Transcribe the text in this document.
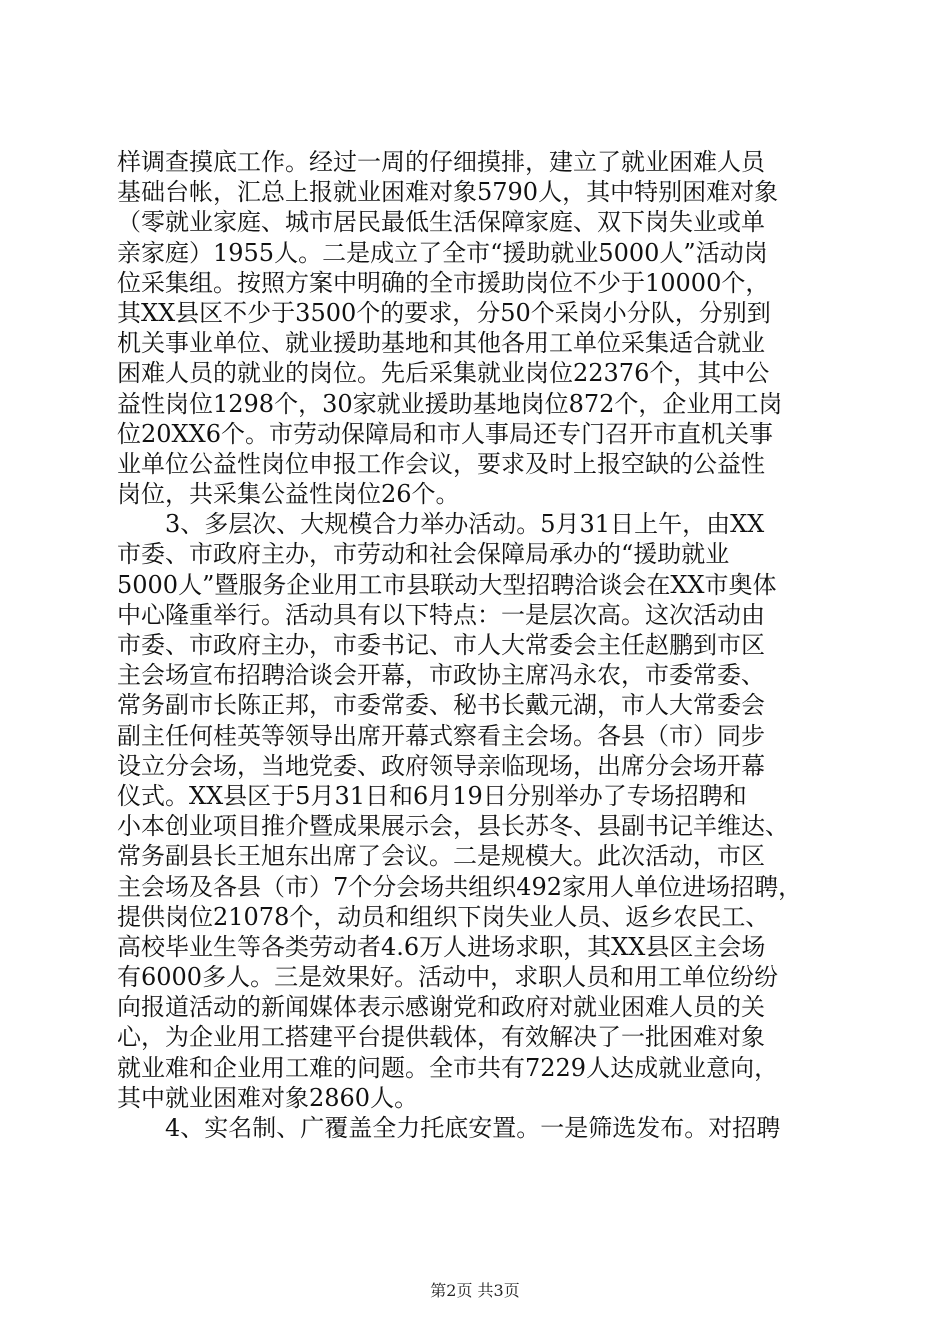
样调查摸底工作。经过一周的仔细摸排，建立了就业困难人员
基础台帐，汇总上报就业困难对象5790人，其中特别困难对象
（零就业家庭、城市居民最低生活保障家庭、双下岗失业或单
亲家庭）1955人。二是成立了全市“援助就业5000人”活动岗
位采集组。按照方案中明确的全市援助岗位不少于10000个，
其XX县区不少于3500个的要求，分50个采岗小分队，分别到
机关事业单位、就业援助基地和其他各用工单位采集适合就业
困难人员的就业的岗位。先后采集就业岗位22376个，其中公
益性岗位1298个，30家就业援助基地岗位872个，企业用工岗
位20XX6个。市劳动保障局和市人事局还专门召开市直机关事
业单位公益性岗位申报工作会议，要求及时上报空缺的公益性
岗位，共采集公益性岗位26个。
3、多层次、大规模合力举办活动。5月31日上午，由XX
市委、市政府主办，市劳动和社会保障局承办的“援助就业
5000人”暨服务企业用工市县联动大型招聘洽谈会在XX市奥体
中心隆重举行。活动具有以下特点：一是层次高。这次活动由
市委、市政府主办，市委书记、市人大常委会主任赵鹏到市区
主会场宣布招聘洽谈会开幕，市政协主席冯永农，市委常委、
常务副市长陈正邦，市委常委、秘书长戴元湖，市人大常委会
副主任何桂英等领导出席开幕式察看主会场。各县（市）同步
设立分会场，当地党委、政府领导亲临现场，出席分会场开幕
仪式。XX县区于5月31日和6月19日分别举办了专场招聘和
小本创业项目推介暨成果展示会，县长苏冬、县副书记羊维达、
常务副县长王旭东出席了会议。二是规模大。此次活动，市区
主会场及各县（市）7个分会场共组织492家用人单位进场招聘，
提供岗位21078个，动员和组织下岗失业人员、返乡农民工、
高校毕业生等各类劳动者4.6万人进场求职，其XX县区主会场
有6000多人。三是效果好。活动中，求职人员和用工单位纷纷
向报道活动的新闻媒体表示感谢党和政府对就业困难人员的关
心，为企业用工搭建平台提供载体，有效解决了一批困难对象
就业难和企业用工难的问题。全市共有7229人达成就业意向，
其中就业困难对象2860人。
4、实名制、广覆盖全力托底安置。一是筛选发布。对招聘
第2页 共3页
